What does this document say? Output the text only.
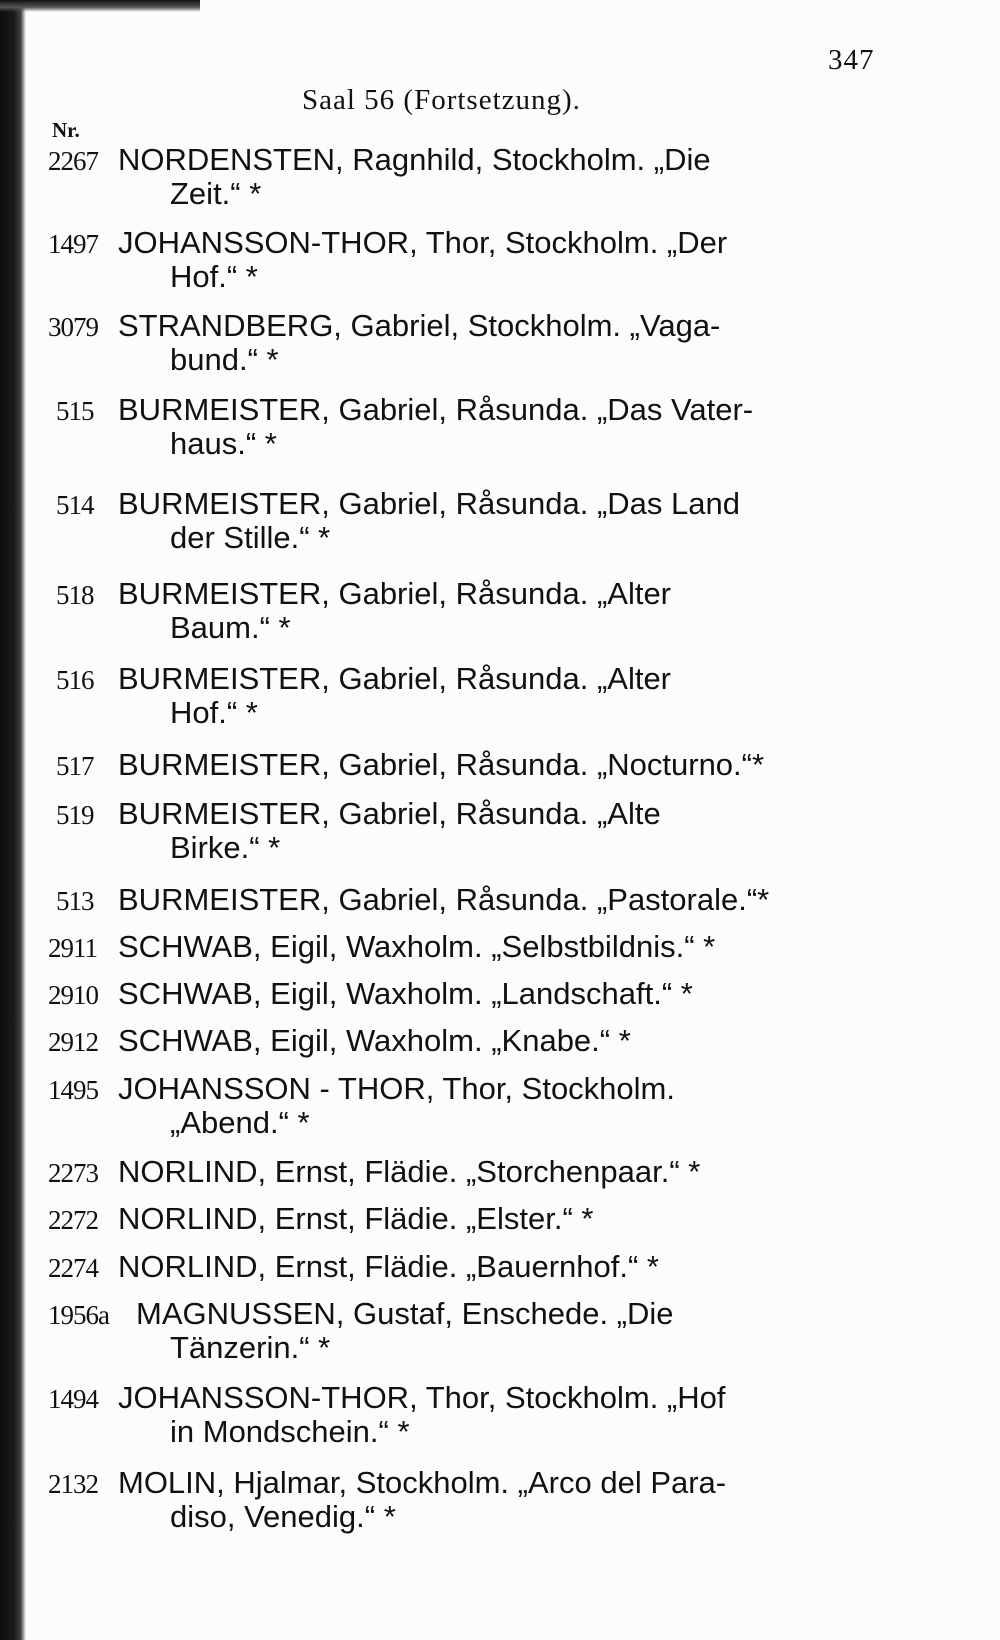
347
Saal 56 (Fortsetzung).
Nr.
2267 NORDENSTEN, Ragnhild, Stockholm. „Die
Zeit.“ *
1497 JOHANSSON-THOR, Thor, Stockholm. „Der
Hof.“ *
3079 STRANDBERG, Gabriel, Stockholm. „Vaga-
bund.“ *
515 BURMEISTER, Gabriel, Råsunda. „Das Vater-
haus.“ *
514 BURMEISTER, Gabriel, Råsunda. „Das Land
der Stille.“ *
518 BURMEISTER, Gabriel, Råsunda. „Alter
Baum.“ *
516 BURMEISTER, Gabriel, Råsunda. „Alter
Hof.“ *
517 BURMEISTER, Gabriel, Råsunda. „Nocturno.“*
519 BURMEISTER, Gabriel, Råsunda. „Alte
Birke.“ *
513 BURMEISTER, Gabriel, Råsunda. „Pastorale.“*
2911 SCHWAB, Eigil, Waxholm. „Selbstbildnis.“ *
2910 SCHWAB, Eigil, Waxholm. „Landschaft.“ *
2912 SCHWAB, Eigil, Waxholm. „Knabe.“ *
1495 JOHANSSON - THOR, Thor, Stockholm.
„Abend.“ *
2273 NORLIND, Ernst, Flädie. „Storchenpaar.“ *
2272 NORLIND, Ernst, Flädie. „Elster.“ *
2274 NORLIND, Ernst, Flädie. „Bauernhof.“ *
1956a MAGNUSSEN, Gustaf, Enschede. „Die
Tänzerin.“ *
1494 JOHANSSON-THOR, Thor, Stockholm. „Hof
in Mondschein.“ *
2132 MOLIN, Hjalmar, Stockholm. „Arco del Para-
diso, Venedig.“ *
